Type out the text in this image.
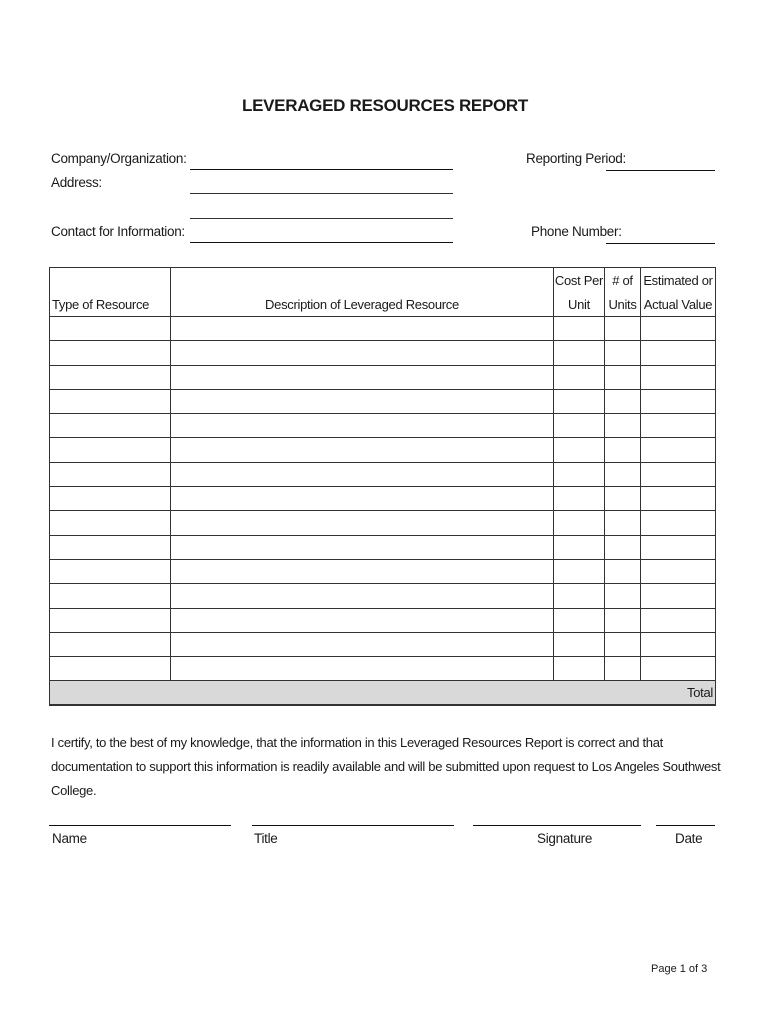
LEVERAGED RESOURCES REPORT
Company/Organization:
Address:
Contact for Information:
Reporting Period:
Phone Number:
		Cost Per	# of	Estimated or
Type of Resource	Description of Leveraged Resource	Unit	Units	Actual Value

Total				
I certify, to the best of my knowledge, that the information in this Leveraged Resources Report is correct and that documentation to support this information is readily available and will be submitted upon request to Los Angeles Southwest College.
Name	Title	Signature	Date
Page 1 of 3
